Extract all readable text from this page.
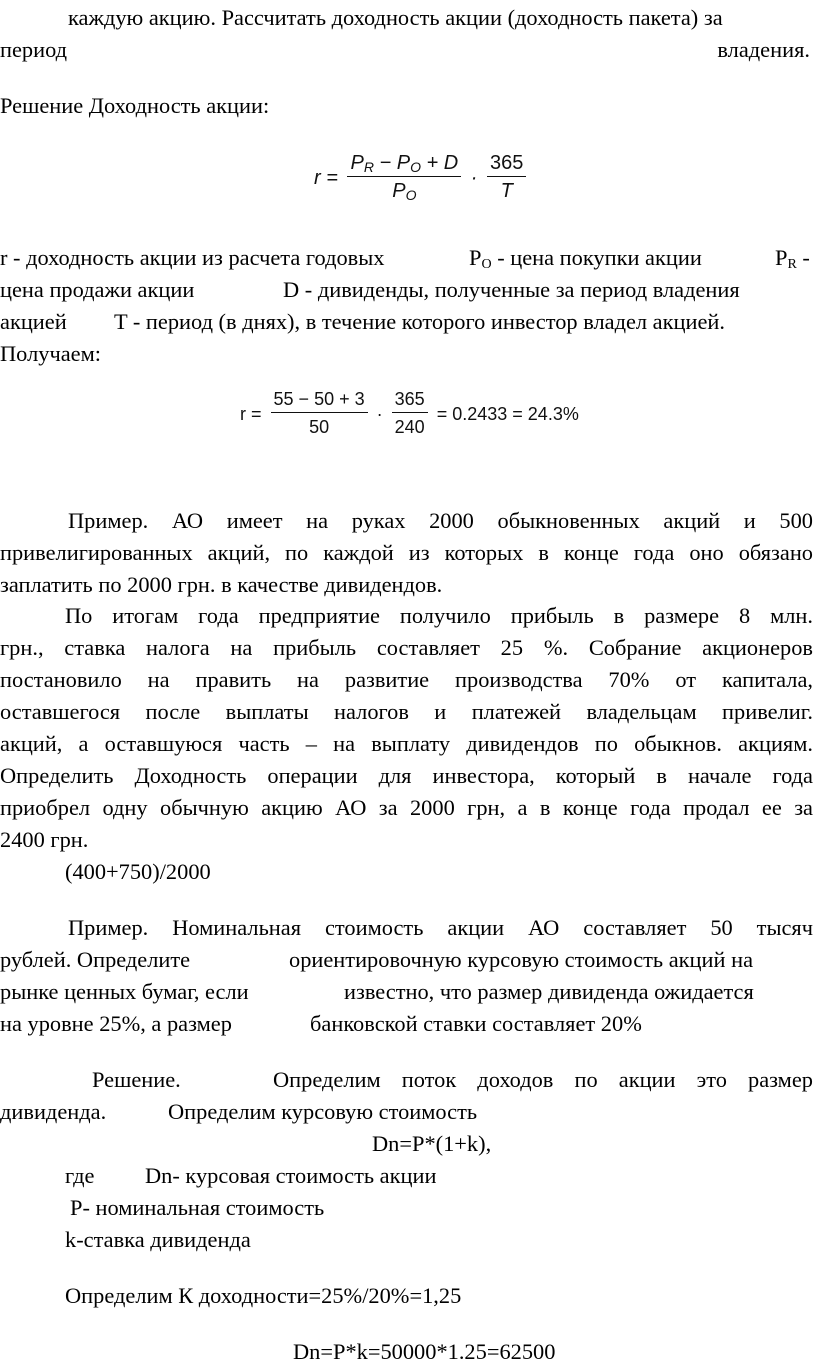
каждую акцию. Рассчитать доходность акции (доходность пакета) за
период	владения.
Решение Доходность акции:
$r = \frac{P_R - P_O + D}{P_O} \cdot \frac{365}{T}$
r - доходность акции из расчета годовых	$P_O$ - цена покупки акции	$P_R$ -
цена продажи акции	D - дивиденды, полученные за период владения
акцией T - период (в днях), в течение которого инвестор владел акцией.
Получаем:
$r = \frac{55 - 50 + 3}{50} \cdot \frac{365}{240} = 0.2433 = 24.3\%$
Пример. АО имеет на руках 2000 обыкновенных акций и 500
привелигированных акций, по каждой из которых в конце года оно обязано
заплатить по 2000 грн. в качестве дивидендов.
По итогам года предприятие получило прибыль в размере 8 млн.
грн., ставка налога на прибыль составляет 25 %. Собрание акционеров
постановило на править на развитие производства 70% от капитала,
оставшегося после выплаты налогов и платежей владельцам привелиг.
акций, а оставшуюся часть – на выплату дивидендов по обыкнов. акциям.
Определить Доходность операции для инвестора, который в начале года
приобрел одну обычную акцию АО за 2000 грн, а в конце года продал ее за
2400 грн.
(400+750)/2000
Пример. Номинальная стоимость акции АО составляет 50 тысяч
рублей. Определите	ориентировочную курсовую стоимость акций на
рынке ценных бумаг, если	известно, что размер дивиденда ожидается
на уровне 25%, а размер	банковской ставки составляет 20%
Решение.	Определим поток доходов по акции это размер
дивиденда.	Определим курсовую стоимость
Dn=P*(1+k),
где Dn- курсовая стоимость акции
P- номинальная стоимость
k-ставка дивиденда
Определим К доходности=25%/20%=1,25
Dn=P*k=50000*1.25=62500
